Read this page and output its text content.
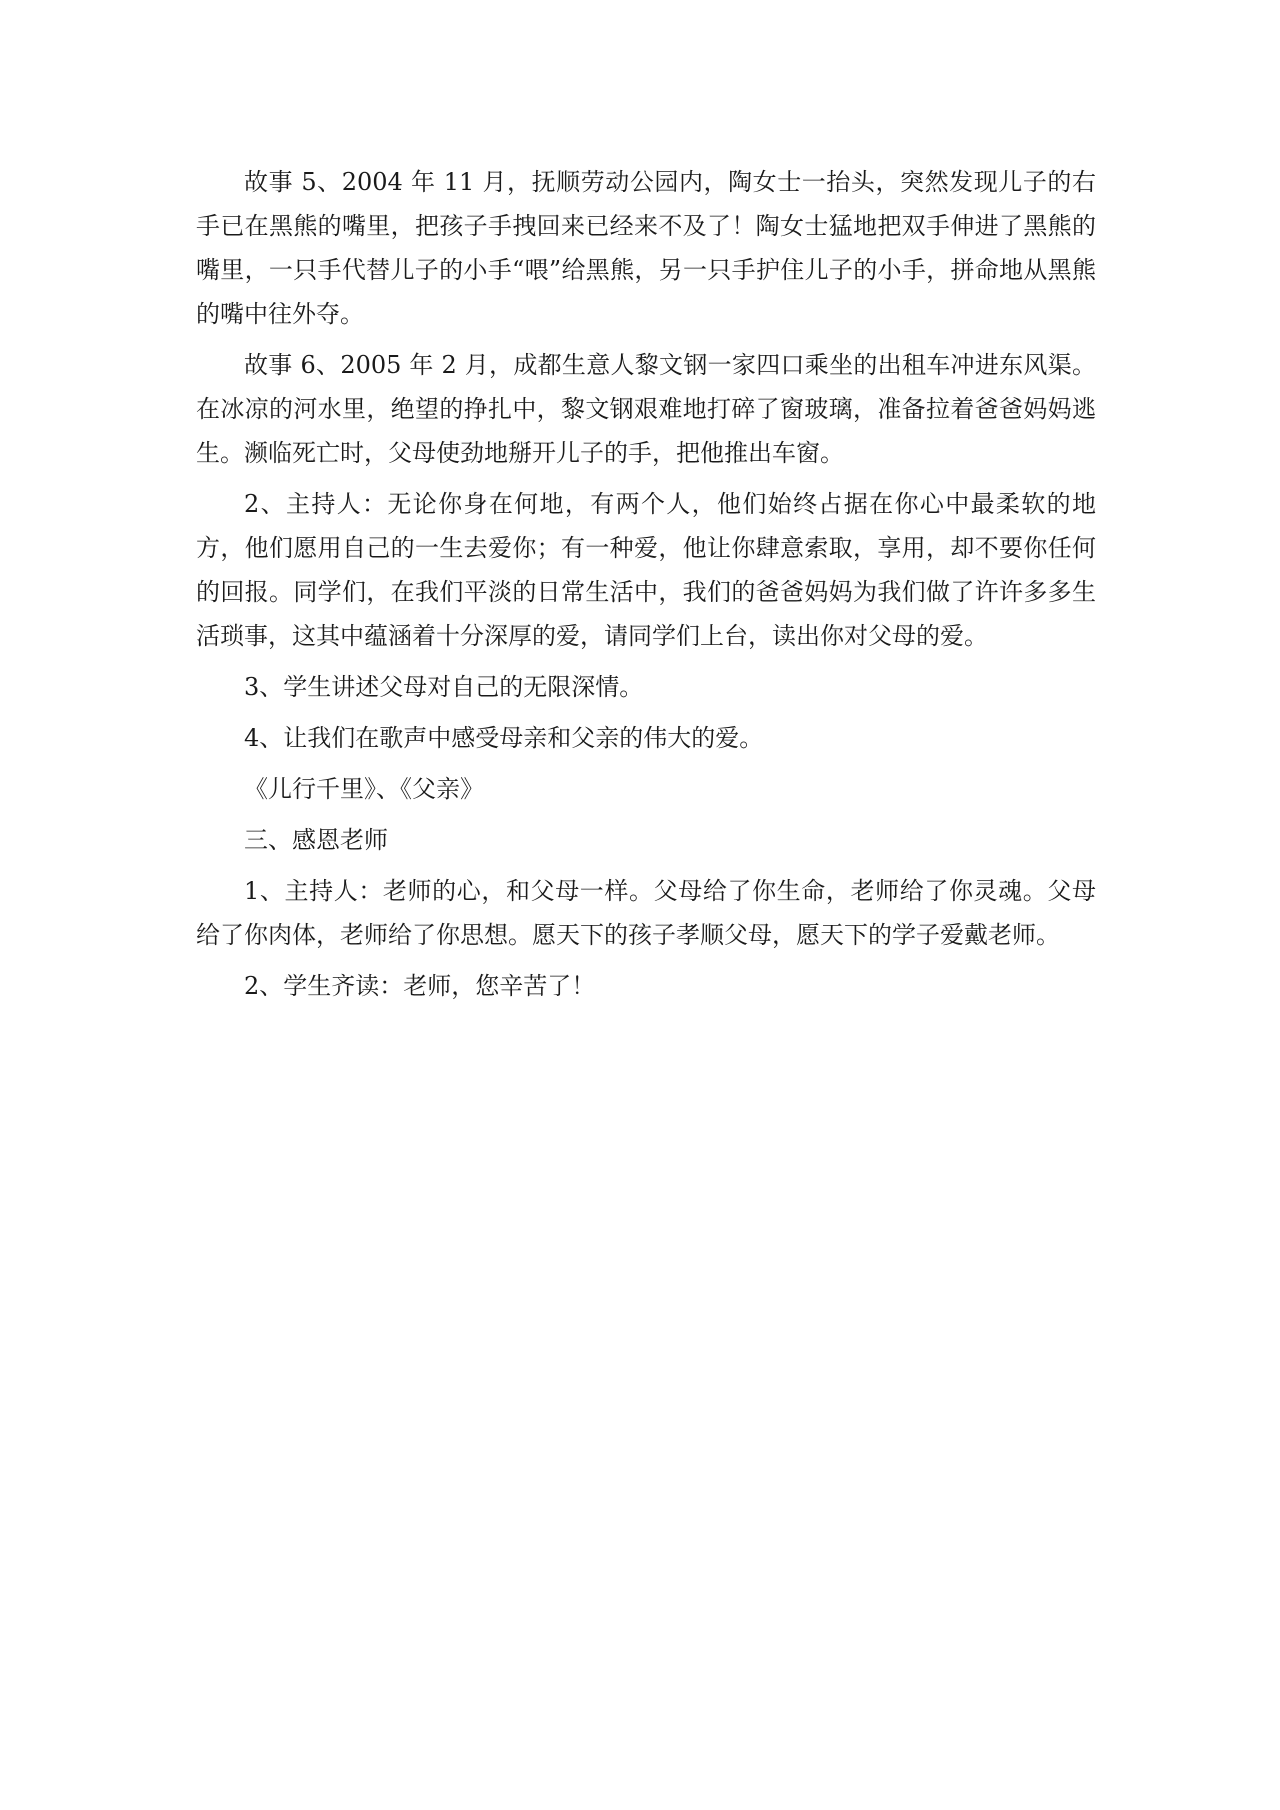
故事 5、2004 年 11 月，抚顺劳动公园内，陶女士一抬头，突然发现儿子的右手已在黑熊的嘴里，把孩子手拽回来已经来不及了！陶女士猛地把双手伸进了黑熊的嘴里，一只手代替儿子的小手“喂”给黑熊，另一只手护住儿子的小手，拼命地从黑熊的嘴中往外夺。

故事 6、2005 年 2 月，成都生意人黎文钢一家四口乘坐的出租车冲进东风渠。在冰凉的河水里，绝望的挣扎中，黎文钢艰难地打碎了窗玻璃，准备拉着爸爸妈妈逃生。濒临死亡时，父母使劲地掰开儿子的手，把他推出车窗。

2、主持人：无论你身在何地，有两个人，他们始终占据在你心中最柔软的地方，他们愿用自己的一生去爱你；有一种爱，他让你肆意索取，享用，却不要你任何的回报。同学们，在我们平淡的日常生活中，我们的爸爸妈妈为我们做了许许多多生活琐事，这其中蕴涵着十分深厚的爱，请同学们上台，读出你对父母的爱。

3、学生讲述父母对自己的无限深情。

4、让我们在歌声中感受母亲和父亲的伟大的爱。

《儿行千里》、《父亲》

三、感恩老师

1、主持人：老师的心，和父母一样。父母给了你生命，老师给了你灵魂。父母给了你肉体，老师给了你思想。愿天下的孩子孝顺父母，愿天下的学子爱戴老师。

2、学生齐读：老师，您辛苦了！
